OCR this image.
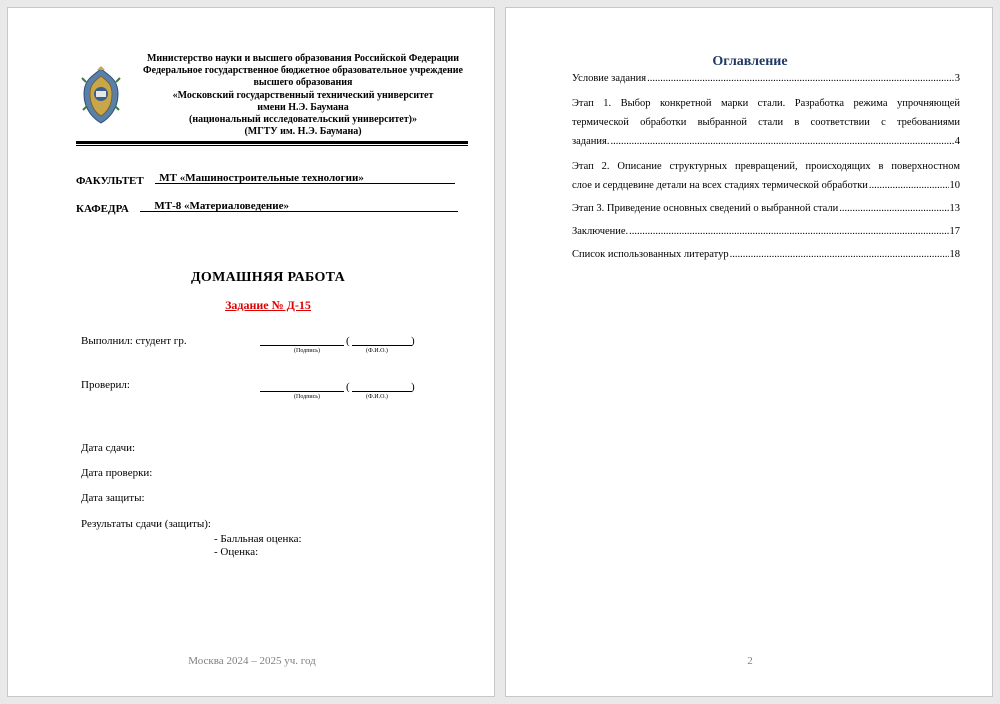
Министерство науки и высшего образования Российской Федерации
Федеральное государственное бюджетное образовательное учреждение
высшего образования
«Московский государственный технический университет
имени Н.Э. Баумана
(национальный исследовательский университет)»
(МГТУ им. Н.Э. Баумана)
ФАКУЛЬТЕТ МТ «Машиностроительные технологии»
КАФЕДРА МТ-8 «Материаловедение»
ДОМАШНЯЯ РАБОТА
Задание № Д-15
Выполнил: студент гр.	(	)
(Подпись)	(Ф.И.О.)
Проверил:	(	)
(Подпись)	(Ф.И.О.)
Дата сдачи:
Дата проверки:
Дата защиты:
Результаты сдачи (защиты):
- Балльная оценка:
- Оценка:
Москва 2024 – 2025 уч. год
Оглавление
Условие задания .....	3
Этап 1. Выбор конкретной марки стали. Разработка режима упрочняющей
термической обработки выбранной стали в соответствии с требованиями
задания. .....	4
Этап 2. Описание структурных превращений, происходящих в поверхностном
слое и сердцевине детали на всех стадиях термической обработки .....	10
Этап 3. Приведение основных сведений о выбранной стали .....	13
Заключение. .....	17
Список использованных литератур .....	18
2
